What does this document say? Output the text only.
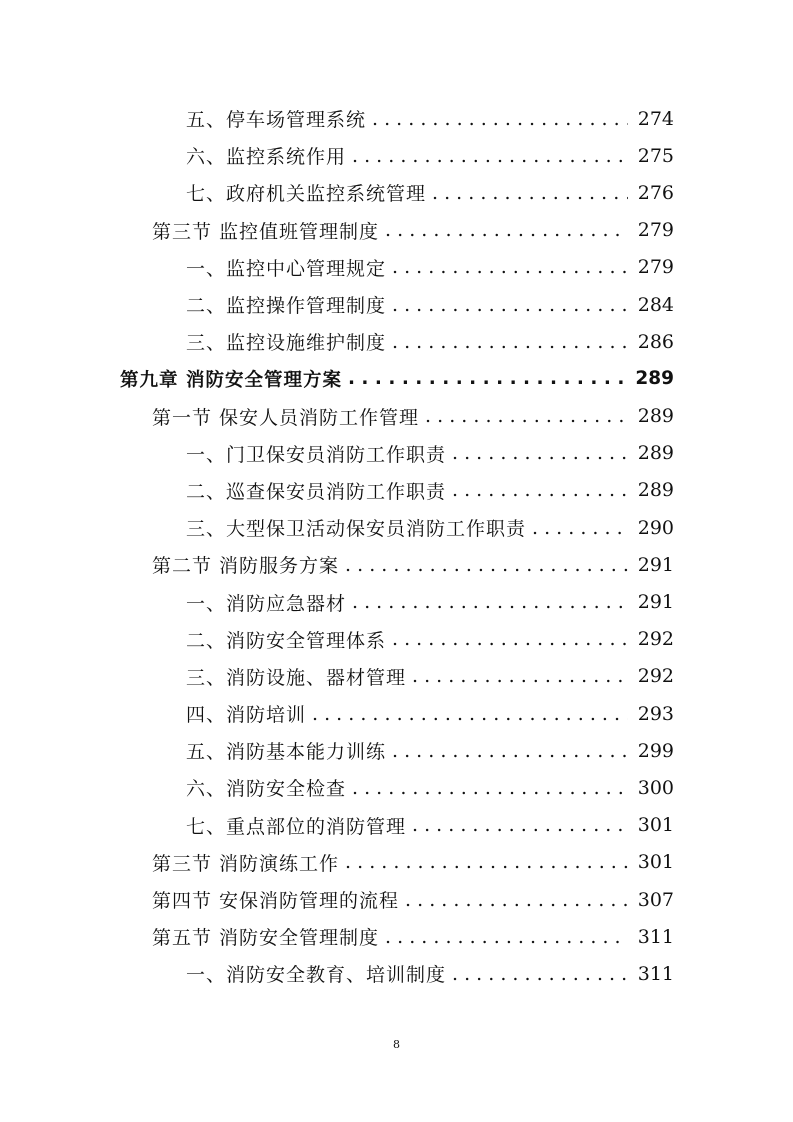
五、停车场管理系统 . . .	274
六、监控系统作用 . . .	275
七、政府机关监控系统管理 . . .	276
第三节 监控值班管理制度 . . .	279
一、监控中心管理规定 . . .	279
二、监控操作管理制度 . . .	284
三、监控设施维护制度 . . .	286
第九章 消防安全管理方案 . . .	289
第一节 保安人员消防工作管理 . . .	289
一、门卫保安员消防工作职责 . . .	289
二、巡查保安员消防工作职责 . . .	289
三、大型保卫活动保安员消防工作职责 . . .	290
第二节 消防服务方案 . . .	291
一、消防应急器材 . . .	291
二、消防安全管理体系 . . .	292
三、消防设施、器材管理 . . .	292
四、消防培训 . . .	293
五、消防基本能力训练 . . .	299
六、消防安全检查 . . .	300
七、重点部位的消防管理 . . .	301
第三节 消防演练工作 . . .	301
第四节 安保消防管理的流程 . . .	307
第五节 消防安全管理制度 . . .	311
一、消防安全教育、培训制度 . . .	311
8
